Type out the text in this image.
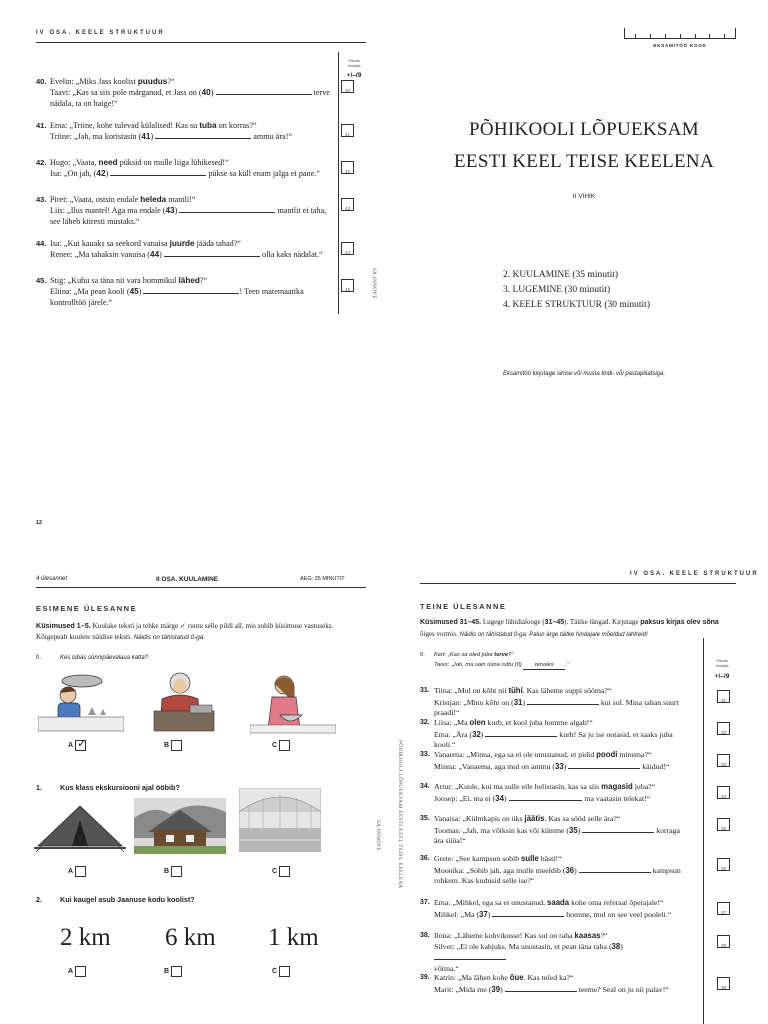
IV OSA. KEELE STRUKTUUR
Täidab
hindaja
+/–/9
40. Evelin: „Miks Jass koolist puudus?“
Taavi: „Kas sa siis pole märganud, et Jass on (40)	terve
nädala, ta on haige!“
40
41. Ema: „Triine, kohe tulevad külalised! Kas su tuba on korras?“
Triine: „Jah, ma koristasin (41)	ammu ära!“	41
42. Hugo: „Vaata, need püksid on mulle liiga lühikesed!“
Isa: „On jah, (42)	pükse sa küll enam jalga ei pane.“	42
43. Piret: „Vaata, ostsin endale heleda mantli!“
Liis: „Ilus mantel! Aga ma endale (43)	mantlit ei taha,
see läheb kiiresti mustaks.“
43
44. Isa: „Kui kauaks sa seekord vanaisa juurde jääda tahad?“
Renee: „Ma tahaksin vanaisa (44)	olla kaks nädalat.“	44
45. Stig: „Kuhu sa täna nii vara hommikul lähed?“
Eliina: „Ma pean kooli (45)	! Teen matemaatika kontrolltöö järele.“
45	SA INNOVE
12
EKSAMITÖÖ KOOD
PÕHIKOOLI LÕPUEKSAM
EESTI KEEL TEISE KEELENA
II VIHIK
2. KUULAMINE (35 minutit)
3. LUGEMINE (30 minutit)
4. KEELE STRUKTUUR (30 minutit)
Eksamitöö kirjutage sinise või musta tindi- või pastapliiatsiga.
4 ülesannet	II OSA. KUULAMINE	AEG: 35 MINUTIT
ESIMENE ÜLESANNE
Küsimused 1–5. Kuulake teksti ja tehke märge ✓ ruutu selle pildi all, mis sobib küsimuse vastuseks.
Kõigepealt kuulete näidise teksti. Näidis on tähistatud 0-ga.
0.	Kes lubas sünnipäevalaua katta?
A ✓	B	C
1.	Kus klass ekskursiooni ajal ööbib?
A	B	C
2.	Kui kaugel asub Jaanuse kodu koolist?
2 km 6 km 1 km
A	B	C
IV OSA. KEELE STRUKTUUR
TEINE ÜLESANNE
Küsimused 31–45. Lugege lühidialooge (31–45). Täitke lüngad. Kirjutage paksus kirjas olev sõna
õiges vormis. Näidis on tähistatud 0-ga. Palun ärge täitke hindajale mõeldud lahtreid!
PÕHIKOOLI LÕPUEKSAM EESTI KEEL TEISE KEELENA
SA INNOVE
Täidab
hindaja
+/–/9
0.	Kert: „Kas sa oled juba terve?“
Taivo: „Jah, ma sain üsna ruttu (0) terveks .“
31. Tiina: „Mul on kõht nii tühi. Kas läheme suppi sööma?“
Kristjan: „Minu kõht on (31)	kui sul. Mina tahan suurt praadi!“
31
32. Liisa: „Ma olen kurb, et kool juba homme algab!“
Ema: „Ära (32)	kurb! Sa ju ise ootasid, et saaks juba kooli.“
32
33. Vanaema: „Minna, ega sa ei ole unustanud, et pidid poodi minema?“
Minna: „Vanaema, aga mul on ammu (33)	käidud!“	33
34. Artur: „Kuule, kui ma sulle eile helistasin, kas sa siis magasid juba?“
Joosep: „Ei, ma ei (34)	, ma vaatasin telekat!“	34
35. Vanaisa: „Külmkapis on üks jäätis. Kas sa sööd selle ära?“
Toomas: „Jah, ma võtksin kas või kümme (35)	korraga
ära süüa!“
35
36. Grete: „See kampsun sobib sulle hästi!“
Moonika: „Sobib jah, aga mulle meeldib (36)	kampsun
rohkem. Kas kudusid selle ise?“
36
37. Ema: „Mihkel, ega sa ei unustanud, saada kohe oma referaat õpetajale!“
Mihkel: „Ma (37)	homme, mul on see veel pooleli.“	37
38. Ilona: „Läheme kohvikusse! Kas sul on raha kaasas?“
Silver: „Ei ole kahjuks. Ma unustasin, et pean täna raha (38)
võtma.“
38
39. Katrin: „Ma lähen kohe õue. Kas tuled ka?“
Marit: „Mida me (39)	teeme? Seal on ju nii palav!“	39
